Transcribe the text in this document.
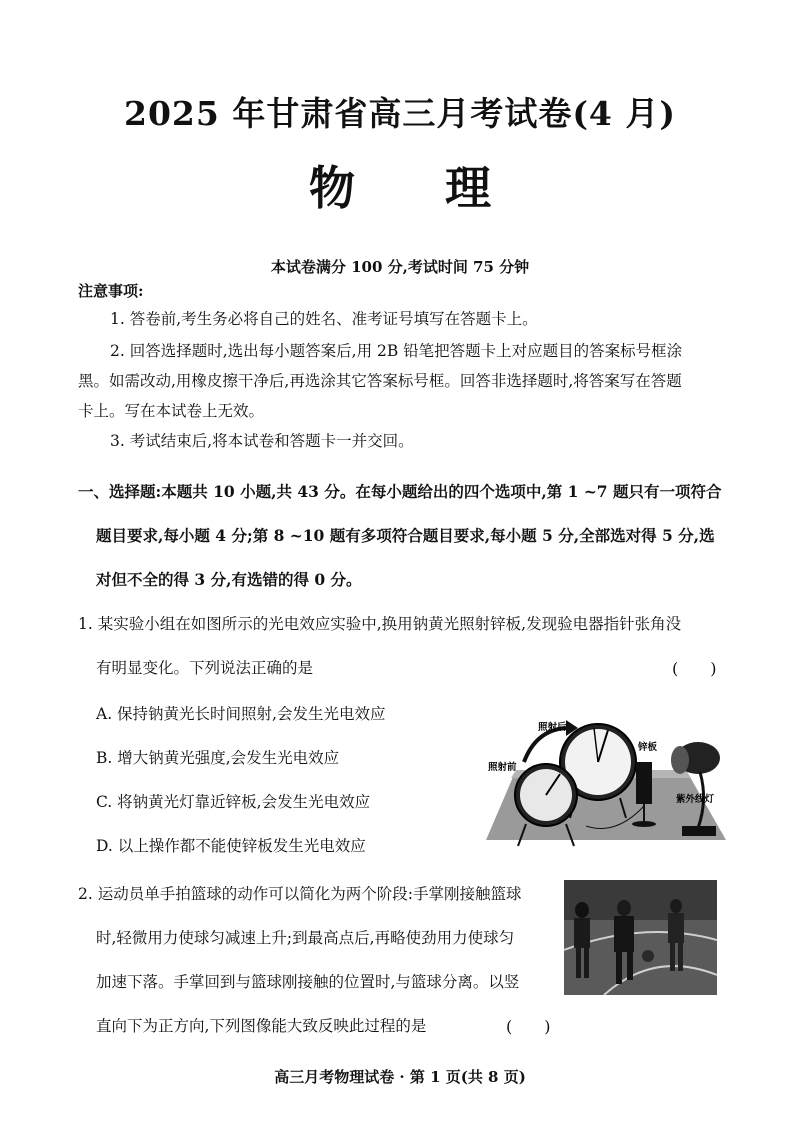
2025 年甘肃省高三月考试卷(4 月)
物 理
本试卷满分 100 分,考试时间 75 分钟
注意事项:
1. 答卷前,考生务必将自己的姓名、准考证号填写在答题卡上。
2. 回答选择题时,选出每小题答案后,用 2B 铅笔把答题卡上对应题目的答案标号框涂
黑。如需改动,用橡皮擦干净后,再选涂其它答案标号框。回答非选择题时,将答案写在答题
卡上。写在本试卷上无效。
3. 考试结束后,将本试卷和答题卡一并交回。
一、选择题:本题共 10 小题,共 43 分。在每小题给出的四个选项中,第 1 ~7 题只有一项符合
题目要求,每小题 4 分;第 8 ~10 题有多项符合题目要求,每小题 5 分,全部选对得 5 分,选
对但不全的得 3 分,有选错的得 0 分。
1. 某实验小组在如图所示的光电效应实验中,换用钠黄光照射锌板,发现验电器指针张角没
有明显变化。下列说法正确的是	(　　)
A. 保持钠黄光长时间照射,会发生光电效应
B. 增大钠黄光强度,会发生光电效应
C. 将钠黄光灯靠近锌板,会发生光电效应
D. 以上操作都不能使锌板发生光电效应
照射后
照射前
锌板
紫外线灯
2. 运动员单手拍篮球的动作可以简化为两个阶段:手掌刚接触篮球
时,轻微用力使球匀减速上升;到最高点后,再略使劲用力使球匀
加速下落。手掌回到与篮球刚接触的位置时,与篮球分离。以竖
直向下为正方向,下列图像能大致反映此过程的是	(　　)
高三月考物理试卷 · 第 1 页(共 8 页)
